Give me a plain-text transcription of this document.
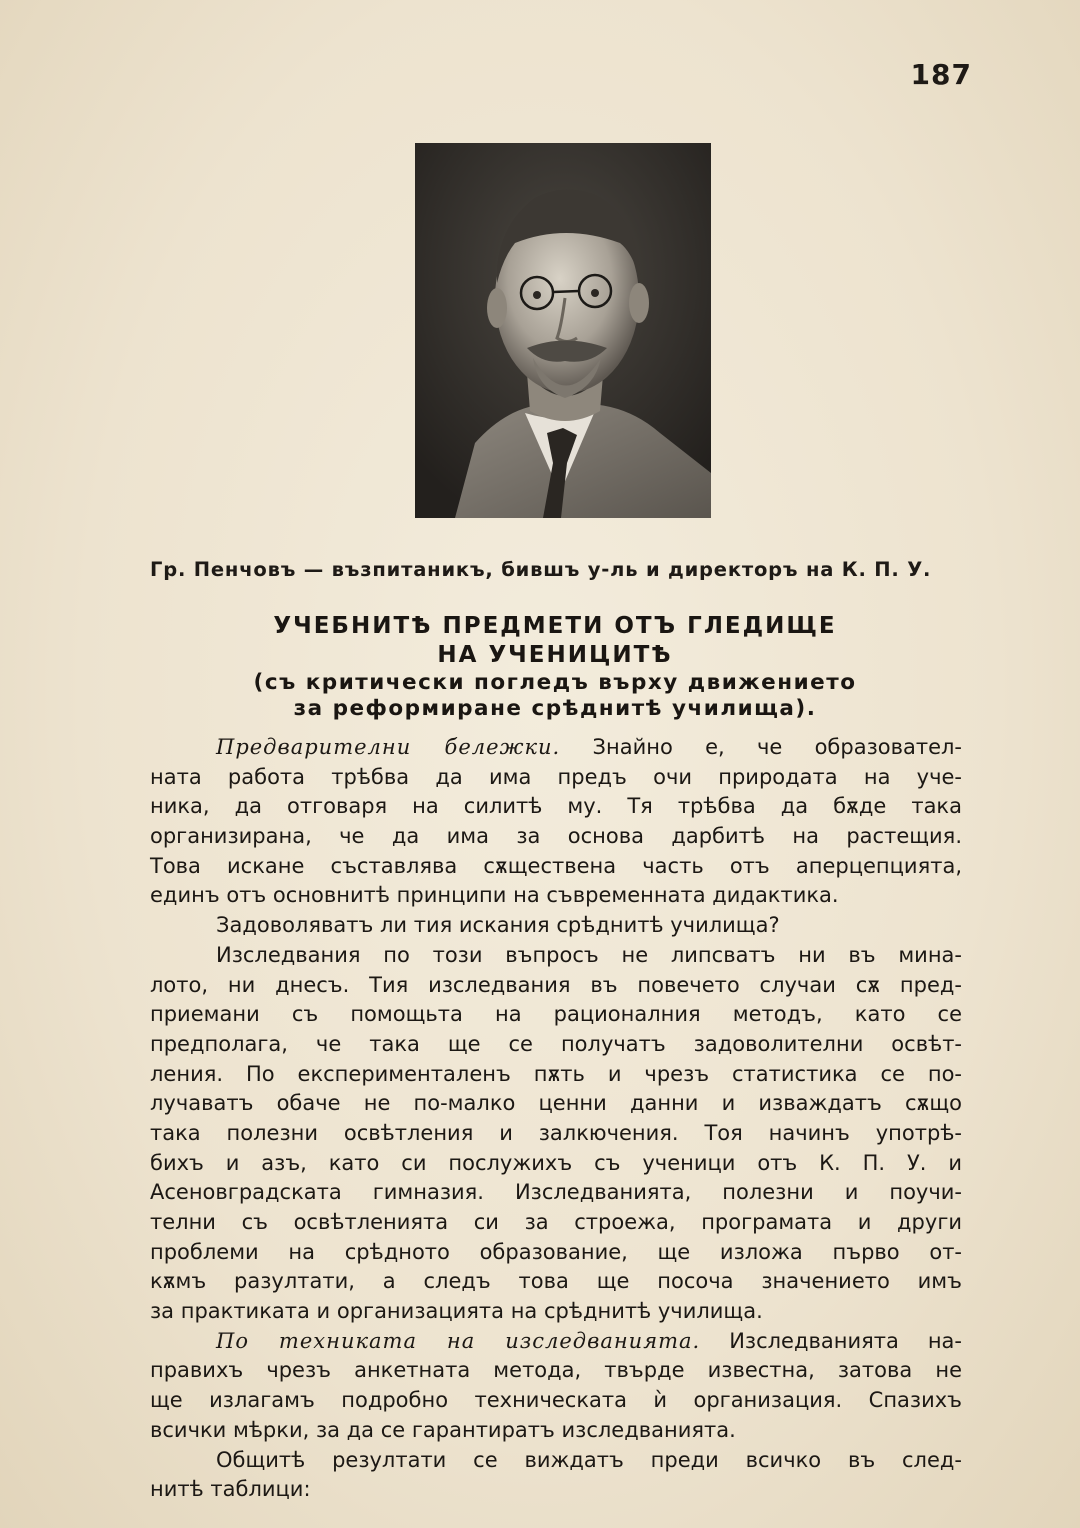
187
Гр. Пенчовъ — възпитаникъ, бившъ у-ль и директоръ на К. П. У.
УЧЕБНИТѢ ПРЕДМЕТИ ОТЪ ГЛЕДИЩЕ
НА УЧЕНИЦИТѢ
(съ критически погледъ върху движението
за реформиране срѣднитѣ училища).
Предварителни бележки. Знайно е, че образовател-
ната работа трѣбва да има предъ очи природата на уче-
ника, да отговаря на силитѣ му. Тя трѣбва да бѫде така
организирана, че да има за основа дарбитѣ на растещия.
Това искане съставлява сѫществена часть отъ аперцепцията,
единъ отъ основнитѣ принципи на съвременната дидактика.
Задоволяватъ ли тия искания срѣднитѣ училища?
Изследвания по този въпросъ не липсватъ ни въ мина-
лото, ни днесъ. Тия изследвания въ повечето случаи сѫ пред-
приемани съ помощьта на рационалния методъ, като се
предполага, че така ще се получатъ задоволителни освѣт-
ления. По експерименталенъ пѫть и чрезъ статистика се по-
лучаватъ обаче не по-малко ценни данни и изваждатъ сѫщо
така полезни освѣтления и залкючения. Тоя начинъ употрѣ-
бихъ и азъ, като си послужихъ съ ученици отъ К. П. У. и
Асеновградската гимназия. Изследванията, полезни и поучи-
телни съ освѣтленията си за строежа, програмата и други
проблеми на срѣдното образование, ще изложа първо от-
кѫмъ разултати, а следъ това ще посоча значението имъ
за практиката и организацията на срѣднитѣ училища.
По техниката на изследванията. Изследванията на-
правихъ чрезъ анкетната метода, твърде известна, затова не
ще излагамъ подробно техническата ѝ организация. Спазихъ
всички мѣрки, за да се гарантиратъ изследванията.
Общитѣ резултати се виждатъ преди всичко въ след-
нитѣ таблици:
